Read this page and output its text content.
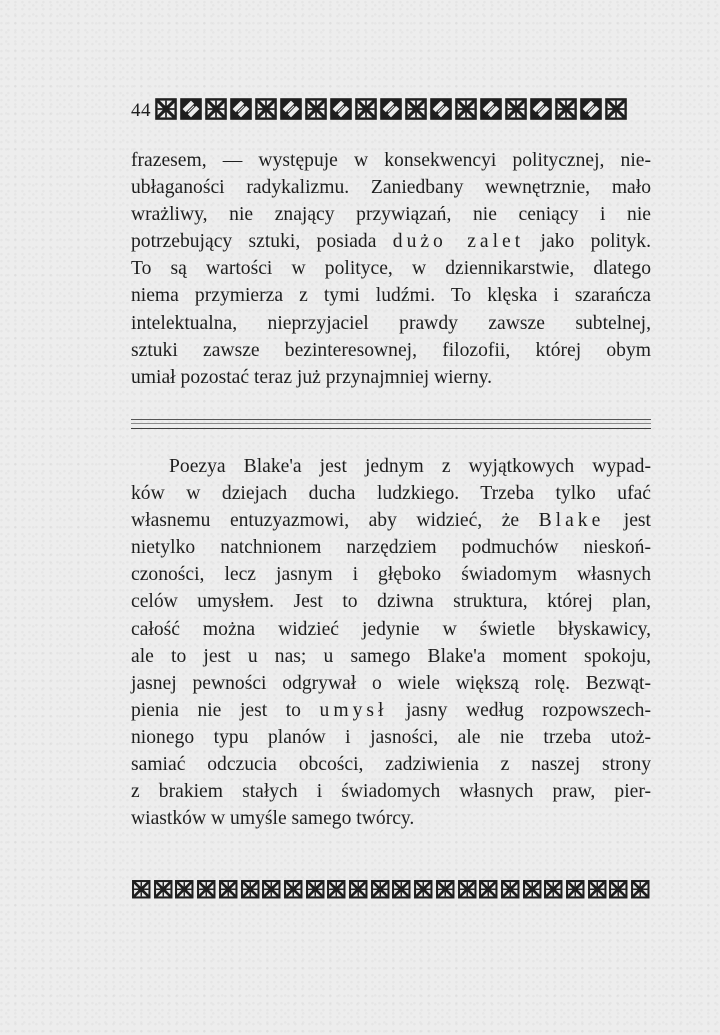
44
frazesem, — występuje w konsekwencyi politycznej, nie-
ubłaganości radykalizmu. Zaniedbany wewnętrznie, mało
wrażliwy, nie znający przywiązań, nie ceniący i nie
potrzebujący sztuki, posiada dużo zalet jako polityk.
To są wartości w polityce, w dziennikarstwie, dlatego
niema przymierza z tymi ludźmi. To klęska i szarańcza
intelektualna, nieprzyjaciel prawdy zawsze subtelnej,
sztuki zawsze bezinteresownej, filozofii, której obym
umiał pozostać teraz już przynajmniej wierny.
Poezya Blake'a jest jednym z wyjątkowych wypad-
ków w dziejach ducha ludzkiego. Trzeba tylko ufać
własnemu entuzyazmowi, aby widzieć, że Blake jest
nietylko natchnionem narzędziem podmuchów nieskoń-
czoności, lecz jasnym i głęboko świadomym własnych
celów umysłem. Jest to dziwna struktura, której plan,
całość można widzieć jedynie w świetle błyskawicy,
ale to jest u nas; u samego Blake'a moment spokoju,
jasnej pewności odgrywał o wiele większą rolę. Bezwąt-
pienia nie jest to umysł jasny według rozpowszech-
nionego typu planów i jasności, ale nie trzeba utoż-
samiać odczucia obcości, zadziwienia z naszej strony
z brakiem stałych i świadomych własnych praw, pier-
wiastków w umyśle samego twórcy.
